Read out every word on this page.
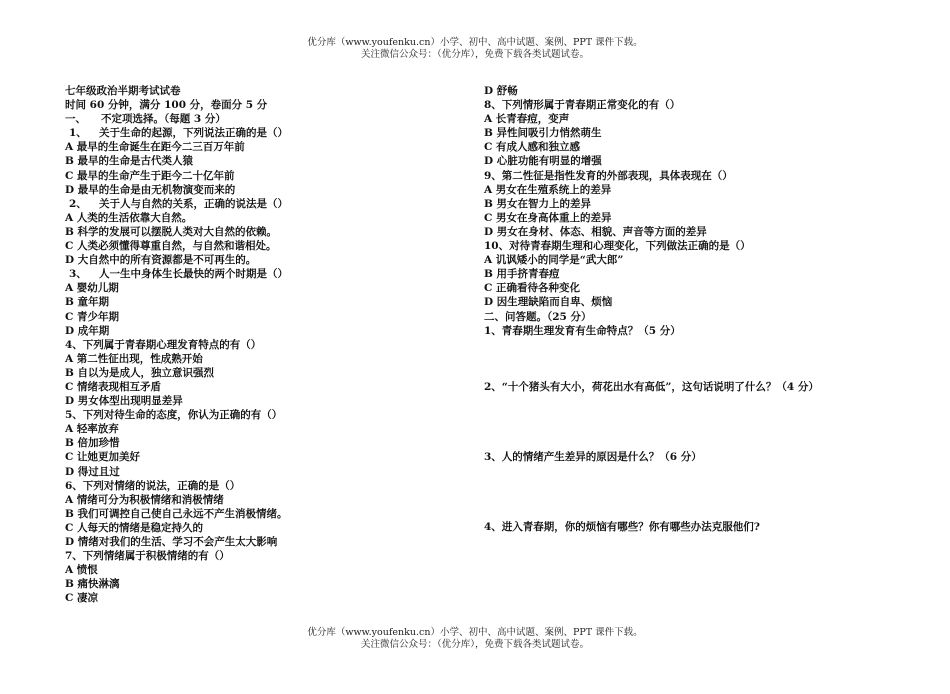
优分库（www.youfenku.cn）小学、初中、高中试题、案例、PPT 课件下载。
关注微信公众号：（优分库），免费下载各类试题试卷。
七年级政治半期考试试卷
时间 60 分钟，满分 100 分，卷面分 5 分
一、 不定项选择。（每题 3 分）
1、 关于生命的起源，下列说法正确的是（）
A 最早的生命诞生在距今二三百万年前
B 最早的生命是古代类人猿
C 最早的生命产生于距今二十亿年前
D 最早的生命是由无机物演变而来的
2、 关于人与自然的关系，正确的说法是（）
A 人类的生活依靠大自然。
B 科学的发展可以摆脱人类对大自然的依赖。
C 人类必须懂得尊重自然，与自然和谐相处。
D 大自然中的所有资源都是不可再生的。
3、 人一生中身体生长最快的两个时期是（）
A 婴幼儿期
B 童年期
C 青少年期
D 成年期
4、下列属于青春期心理发育特点的有（）
A 第二性征出现，性成熟开始
B 自以为是成人，独立意识强烈
C 情绪表现相互矛盾
D 男女体型出现明显差异
5、下列对待生命的态度，你认为正确的有（）
A 轻率放弃
B 倍加珍惜
C 让她更加美好
D 得过且过
6、下列对情绪的说法，正确的是（）
A 情绪可分为积极情绪和消极情绪
B 我们可调控自己使自己永远不产生消极情绪。
C 人每天的情绪是稳定持久的
D 情绪对我们的生活、学习不会产生太大影响
7、下列情绪属于积极情绪的有（）
A 愤恨
B 痛快淋漓
C 凄凉
D 舒畅
8、下列情形属于青春期正常变化的有（）
A 长青春痘，变声
B 异性间吸引力悄然萌生
C 有成人感和独立感
D 心脏功能有明显的增强
9、第二性征是指性发育的外部表现，具体表现在（）
A 男女在生殖系统上的差异
B 男女在智力上的差异
C 男女在身高体重上的差异
D 男女在身材、体态、相貌、声音等方面的差异
10、对待青春期生理和心理变化，下列做法正确的是（）
A 讥讽矮小的同学是“武大郎”
B 用手挤青春痘
C 正确看待各种变化
D 因生理缺陷而自卑、烦恼
二、问答题。（25 分）
1、青春期生理发育有生命特点？（5 分）
2、“十个猪头有大小，荷花出水有高低”，这句话说明了什么？（4 分）
3、人的情绪产生差异的原因是什么？（6 分）
4、进入青春期，你的烦恼有哪些？你有哪些办法克服他们?
优分库（www.youfenku.cn）小学、初中、高中试题、案例、PPT 课件下载。
关注微信公众号：（优分库），免费下载各类试题试卷。
